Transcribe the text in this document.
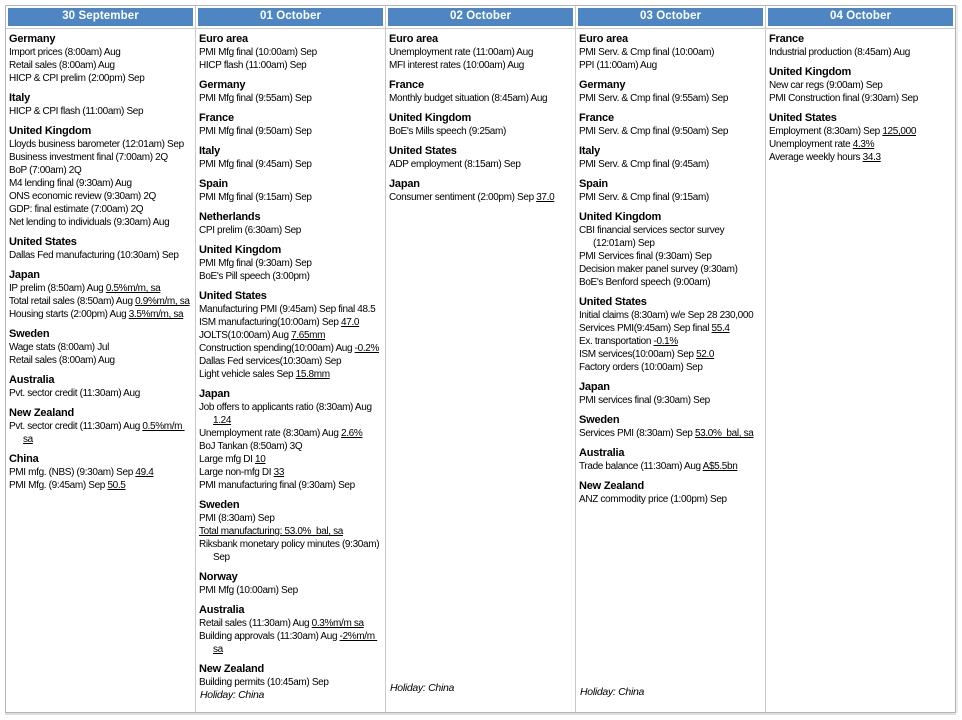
30 September
Germany
Import prices (8:00am) Aug
Retail sales (8:00am) Aug
HICP & CPI prelim (2:00pm) Sep
Italy
HICP & CPI flash (11:00am) Sep
United Kingdom
Lloyds business barometer (12:01am) Sep
Business investment final (7:00am) 2Q
BoP (7:00am) 2Q
M4 lending final (9:30am) Aug
ONS economic review (9:30am) 2Q
GDP: final estimate (7:00am) 2Q
Net lending to individuals (9:30am) Aug
United States
Dallas Fed manufacturing (10:30am) Sep
Japan
IP prelim (8:50am) Aug 0.5%m/m, sa
Total retail sales (8:50am) Aug 0.9%m/m, sa
Housing starts (2:00pm) Aug 3.5%m/m, sa
Sweden
Wage stats (8:00am) Jul
Retail sales (8:00am) Aug
Australia
Pvt. sector credit (11:30am) Aug
New Zealand
Pvt. sector credit (11:30am) Aug 0.5%m/m sa
China
PMI mfg. (NBS) (9:30am) Sep 49.4
PMI Mfg. (9:45am) Sep 50.5
01 October
Euro area
PMI Mfg final (10:00am) Sep
HICP flash (11:00am) Sep
Germany
PMI Mfg final (9:55am) Sep
France
PMI Mfg final (9:50am) Sep
Italy
PMI Mfg final (9:45am) Sep
Spain
PMI Mfg final (9:15am) Sep
Netherlands
CPI prelim (6:30am) Sep
United Kingdom
PMI Mfg final (9:30am) Sep
BoE's Pill speech (3:00pm)
United States
Manufacturing PMI (9:45am) Sep final 48.5
ISM manufacturing(10:00am) Sep 47.0
JOLTS(10:00am) Aug 7.65mm
Construction spending(10:00am) Aug -0.2%
Dallas Fed services(10:30am) Sep
Light vehicle sales Sep 15.8mm
Japan
Job offers to applicants ratio (8:30am) Aug 1.24
Unemployment rate (8:30am) Aug 2.6%
BoJ Tankan (8:50am) 3Q
Large mfg DI 10
Large non-mfg DI 33
PMI manufacturing final (9:30am) Sep
Sweden
PMI (8:30am) Sep
Total manufacturing: 53.0%  bal, sa
Riksbank monetary policy minutes (9:30am) Sep
Norway
PMI Mfg (10:00am) Sep
Australia
Retail sales (11:30am) Aug 0.3%m/m sa
Building approvals (11:30am) Aug -2%m/m sa
New Zealand
Building permits (10:45am) Sep
Holiday: China
02 October
Euro area
Unemployment rate (11:00am) Aug
MFI interest rates (10:00am) Aug
France
Monthly budget situation (8:45am) Aug
United Kingdom
BoE's Mills speech (9:25am)
United States
ADP employment (8:15am) Sep
Japan
Consumer sentiment (2:00pm) Sep 37.0
Holiday: China
03 October
Euro area
PMI Serv. & Cmp final (10:00am)
PPI (11:00am) Aug
Germany
PMI Serv. & Cmp final (9:55am) Sep
France
PMI Serv. & Cmp final (9:50am) Sep
Italy
PMI Serv. & Cmp final (9:45am)
Spain
PMI Serv. & Cmp final (9:15am)
United Kingdom
CBI financial services sector survey (12:01am) Sep
PMI Services final (9:30am) Sep
Decision maker panel survey (9:30am)
BoE's Benford speech (9:00am)
United States
Initial claims (8:30am) w/e Sep 28 230,000
Services PMI(9:45am) Sep final 55.4
Ex. transportation -0.1%
ISM services(10:00am) Sep 52.0
Factory orders (10:00am) Sep
Japan
PMI services final (9:30am) Sep
Sweden
Services PMI (8:30am) Sep 53.0%  bal, sa
Australia
Trade balance (11:30am) Aug A$5.5bn
New Zealand
ANZ commodity price (1:00pm) Sep
Holiday: China
04 October
France
Industrial production (8:45am) Aug
United Kingdom
New car regs (9:00am) Sep
PMI Construction final (9:30am) Sep
United States
Employment (8:30am) Sep 125,000
Unemployment rate 4.3%
Average weekly hours 34.3
